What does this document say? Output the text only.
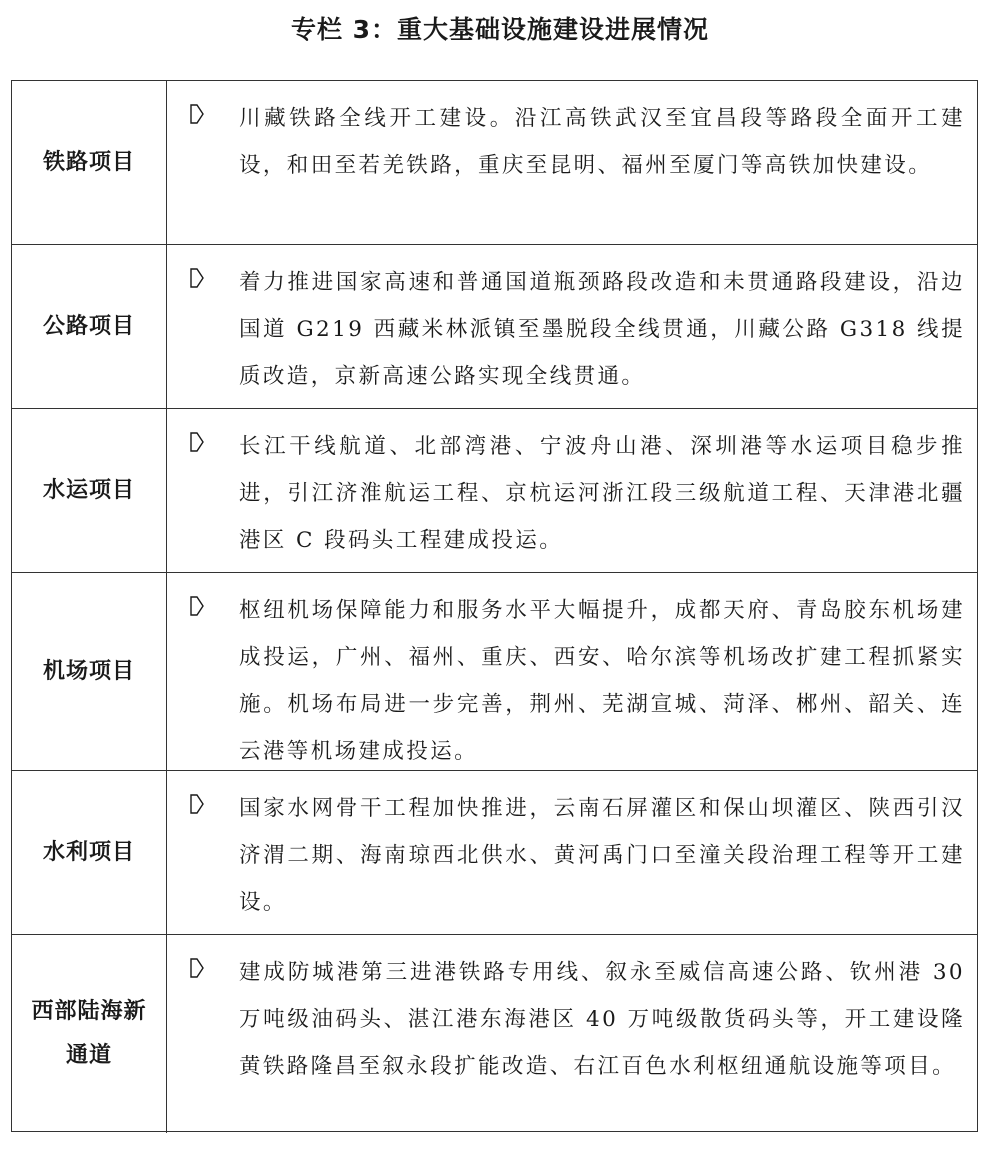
专栏 3：重大基础设施建设进展情况
铁路项目
川藏铁路全线开工建设。沿江高铁武汉至宜昌段等路段全面开工建设，和田至若羌铁路，重庆至昆明、福州至厦门等高铁加快建设。
公路项目
着力推进国家高速和普通国道瓶颈路段改造和未贯通路段建设，沿边国道 G219 西藏米林派镇至墨脱段全线贯通，川藏公路 G318 线提质改造，京新高速公路实现全线贯通。
水运项目
长江干线航道、北部湾港、宁波舟山港、深圳港等水运项目稳步推进，引江济淮航运工程、京杭运河浙江段三级航道工程、天津港北疆港区 C 段码头工程建成投运。
机场项目
枢纽机场保障能力和服务水平大幅提升，成都天府、青岛胶东机场建成投运，广州、福州、重庆、西安、哈尔滨等机场改扩建工程抓紧实施。机场布局进一步完善，荆州、芜湖宣城、菏泽、郴州、韶关、连云港等机场建成投运。
水利项目
国家水网骨干工程加快推进，云南石屏灌区和保山坝灌区、陕西引汉济渭二期、海南琼西北供水、黄河禹门口至潼关段治理工程等开工建设。
西部陆海新通道
建成防城港第三进港铁路专用线、叙永至威信高速公路、钦州港 30 万吨级油码头、湛江港东海港区 40 万吨级散货码头等，开工建设隆黄铁路隆昌至叙永段扩能改造、右江百色水利枢纽通航设施等项目。
